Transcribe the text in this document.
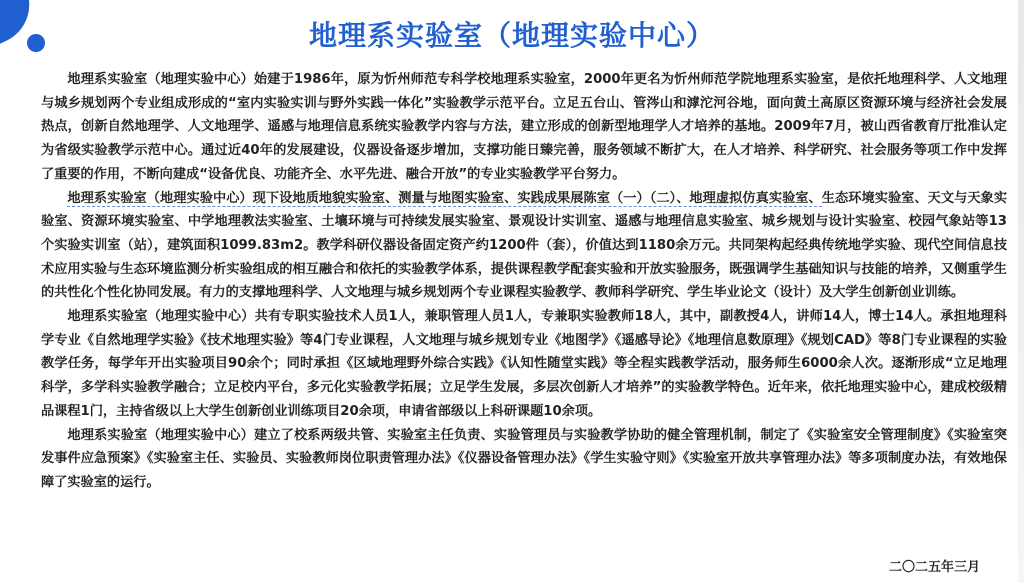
地理系实验室（地理实验中心）

地理系实验室（地理实验中心）始建于1986年，原为忻州师范专科学校地理系实验室，2000年更名为忻州师范学院地理系实验室，是依托地理科学、人文地理与城乡规划两个专业组成形成的“室内实验实训与野外实践一体化”实验教学示范平台。立足五台山、管涔山和滹沱河谷地，面向黄土高原区资源环境与经济社会发展热点，创新自然地理学、人文地理学、遥感与地理信息系统实验教学内容与方法，建立形成的创新型地理学人才培养的基地。2009年7月，被山西省教育厅批准认定为省级实验教学示范中心。通过近40年的发展建设，仪器设备逐步增加，支撑功能日臻完善，服务领域不断扩大，在人才培养、科学研究、社会服务等项工作中发挥了重要的作用，不断向建成“设备优良、功能齐全、水平先进、融合开放”的专业实验教学平台努力。

地理系实验室（地理实验中心）现下设地质地貌实验室、测量与地图实验室、实践成果展陈室（一）（二）、地理虚拟仿真实验室、生态环境实验室、天文与天象实验室、资源环境实验室、中学地理教法实验室、土壤环境与可持续发展实验室、景观设计实训室、遥感与地理信息实验室、城乡规划与设计实验室、校园气象站等13个实验实训室（站），建筑面积1099.83m2。教学科研仪器设备固定资产约1200件（套），价值达到1180余万元。共同架构起经典传统地学实验、现代空间信息技术应用实验与生态环境监测分析实验组成的相互融合和依托的实验教学体系，提供课程教学配套实验和开放实验服务，既强调学生基础知识与技能的培养，又侧重学生的共性化个性化协同发展。有力的支撑地理科学、人文地理与城乡规划两个专业课程实验教学、教师科学研究、学生毕业论文（设计）及大学生创新创业训练。

地理系实验室（地理实验中心）共有专职实验技术人员1人，兼职管理人员1人，专兼职实验教师18人，其中，副教授4人，讲师14人，博士14人。承担地理科学专业《自然地理学实验》《技术地理实验》等4门专业课程，人文地理与城乡规划专业《地图学》《遥感导论》《地理信息数原理》《规划CAD》等8门专业课程的实验教学任务，每学年开出实验项目90余个；同时承担《区域地理野外综合实践》《认知性随堂实践》等全程实践教学活动，服务师生6000余人次。逐渐形成“立足地理科学，多学科实验教学融合；立足校内平台，多元化实验教学拓展；立足学生发展，多层次创新人才培养”的实验教学特色。近年来，依托地理实验中心，建成校级精品课程1门，主持省级以上大学生创新创业训练项目20余项，申请省部级以上科研课题10余项。

地理系实验室（地理实验中心）建立了校系两级共管、实验室主任负责、实验管理员与实验教学协助的健全管理机制，制定了《实验室安全管理制度》《实验室突发事件应急预案》《实验室主任、实验员、实验教师岗位职责管理办法》《仪器设备管理办法》《学生实验守则》《实验室开放共享管理办法》等多项制度办法，有效地保障了实验室的运行。

二〇二五年三月
